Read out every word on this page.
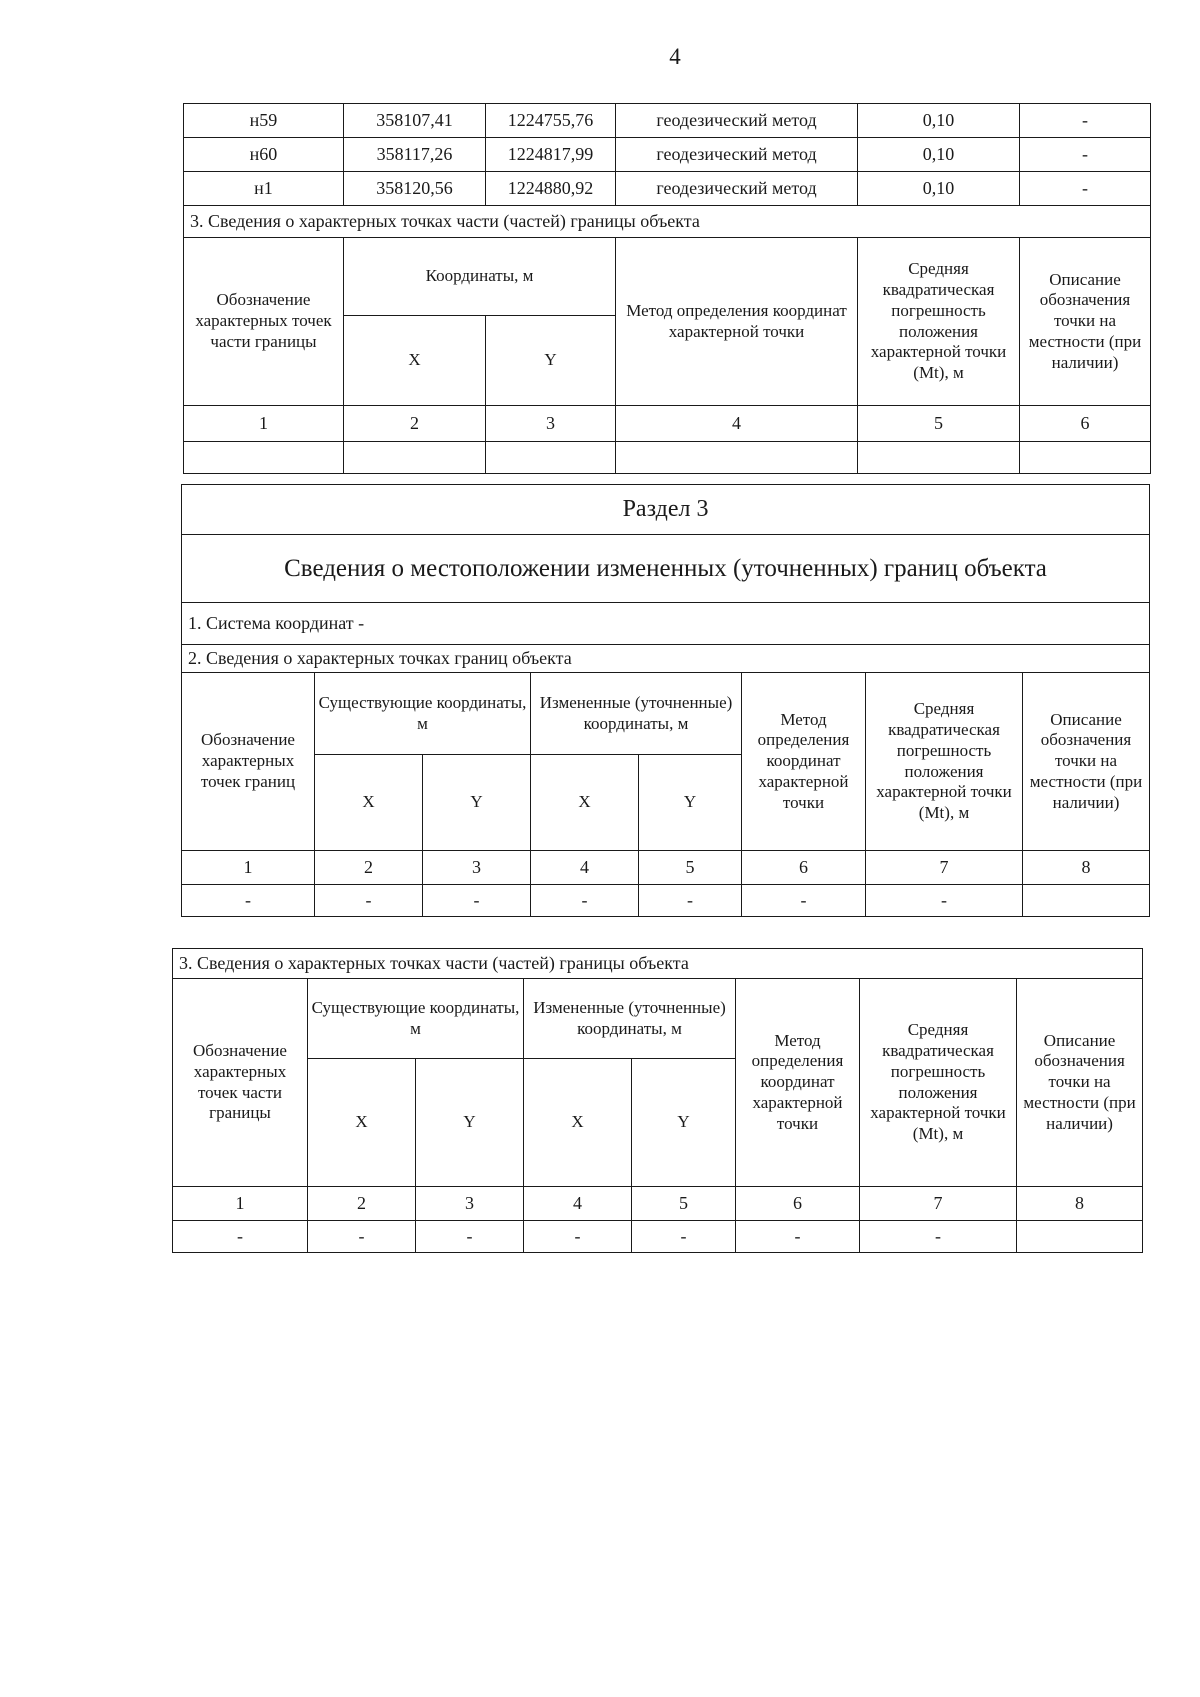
4
н59	358107,41	1224755,76	геодезический метод	0,10	-
н60	358117,26	1224817,99	геодезический метод	0,10	-
н1	358120,56	1224880,92	геодезический метод	0,10	-
3. Сведения о характерных точках части (частей) границы объекта					
Обозначение характерных точек части границы	Координаты, м		Метод определения координат характерной точки	Средняя квадратическая погрешность положения характерной точки (Mt), м	Описание обозначения точки на местности (при наличии)
	X	Y			
1	2	3	4	5	6

Раздел 3							
Сведения о местоположении измененных (уточненных) границ объекта							
1. Система координат -							
2. Сведения о характерных точках границ объекта							
Обозначение характерных точек границ	Существующие координаты, м		Измененные (уточненные) координаты, м		Метод определения координат характерной точки	Средняя квадратическая погрешность положения характерной точки (Mt), м	Описание обозначения точки на местности (при наличии)
	X	Y	X	Y			
1	2	3	4	5	6	7	8
-	-	-	-	-	-	-	
3. Сведения о характерных точках части (частей) границы объекта							
Обозначение характерных точек части границы	Существующие координаты, м		Измененные (уточненные) координаты, м		Метод определения координат характерной точки	Средняя квадратическая погрешность положения характерной точки (Mt), м	Описание обозначения точки на местности (при наличии)
	X	Y	X	Y			
1	2	3	4	5	6	7	8
-	-	-	-	-	-	-	
